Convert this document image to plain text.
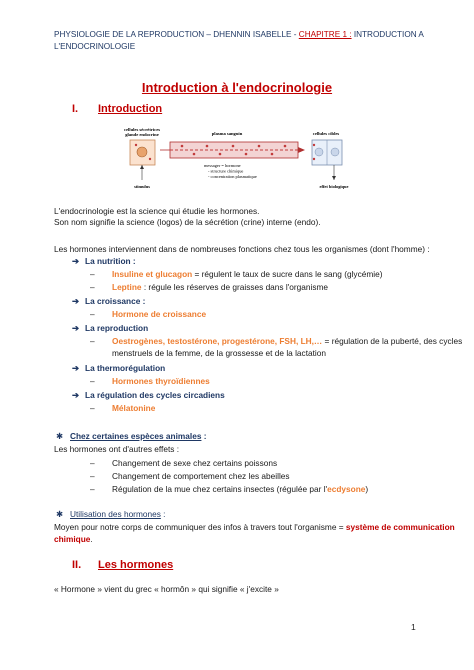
PHYSIOLOGIE DE LA REPRODUCTION – DHENNIN ISABELLE - CHAPITRE 1 : INTRODUCTION A
L'ENDOCRINOLOGIE
Introduction à l'endocrinologie
I. Introduction
cellules sécrétrices
glande endocrine	plasma sanguin	cellules cibles
messager = hormone
- structure chimique
- concentration plasmatique
stimulus	effet biologique
L'endocrinologie est la science qui étudie les hormones.
Son nom signifie la science (logos) de la sécrétion (crine) interne (endo).
Les hormones interviennent dans de nombreuses fonctions chez tous les organismes (dont l'homme) :
➔ La nutrition :
– Insuline et glucagon = régulent le taux de sucre dans le sang (glycémie)
– Leptine : régule les réserves de graisses dans l'organisme
➔ La croissance :
– Hormone de croissance
➔ La reproduction
– Oestrogènes, testostérone, progestérone, FSH, LH,… = régulation de la puberté, des cycles
menstruels de la femme, de la grossesse et de la lactation
➔ La thermorégulation
– Hormones thyroïdiennes
➔ La régulation des cycles circadiens
– Mélatonine
✱ Chez certaines espèces animales :
Les hormones ont d'autres effets :
– Changement de sexe chez certains poissons
– Changement de comportement chez les abeilles
– Régulation de la mue chez certains insectes (régulée par l'ecdysone)
✱ Utilisation des hormones :
Moyen pour notre corps de communiquer des infos à travers tout l'organisme = système de communication
chimique.
II. Les hormones
« Hormone » vient du grec « hormôn » qui signifie « j'excite »
1
